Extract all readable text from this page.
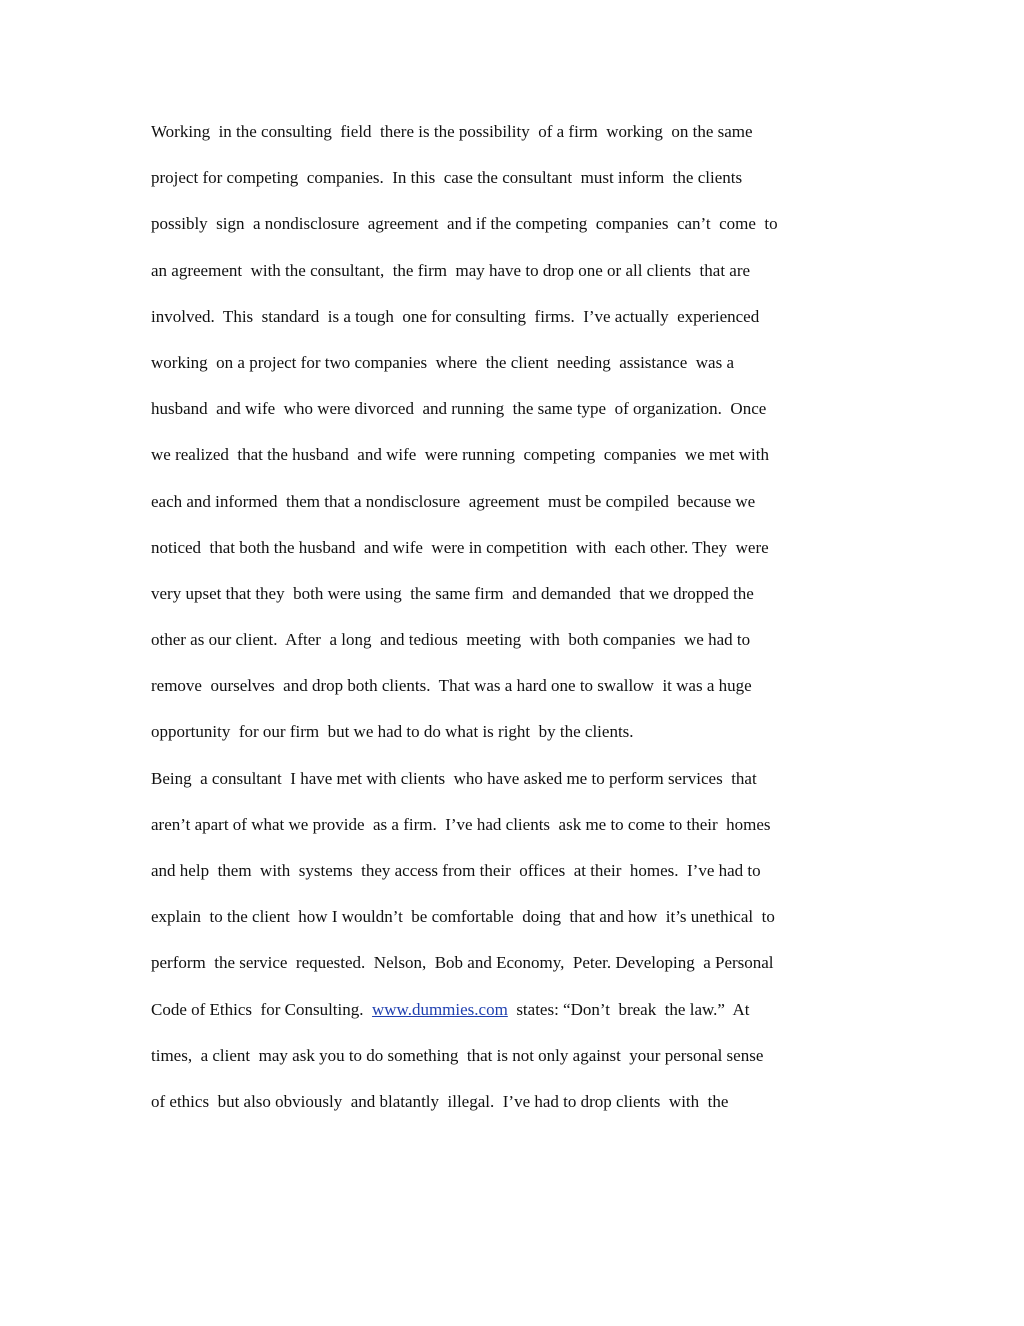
Working  in the consulting  field  there is the possibility  of a firm  working  on the same
project for competing  companies.  In this  case the consultant  must inform  the clients
possibly  sign  a nondisclosure  agreement  and if the competing  companies  can’t  come  to
an agreement  with the consultant,  the firm  may have to drop one or all clients  that are
involved.  This  standard  is a tough  one for consulting  firms.  I’ve actually  experienced
working  on a project for two companies  where  the client  needing  assistance  was a
husband  and wife  who were divorced  and running  the same type  of organization.  Once
we realized  that the husband  and wife  were running  competing  companies  we met with
each and informed  them that a nondisclosure  agreement  must be compiled  because we
noticed  that both the husband  and wife  were in competition  with  each other. They  were
very upset that they  both were using  the same firm  and demanded  that we dropped the
other as our client.  After  a long  and tedious  meeting  with  both companies  we had to
remove  ourselves  and drop both clients.  That was a hard one to swallow  it was a huge
opportunity  for our firm  but we had to do what is right  by the clients.
Being  a consultant  I have met with clients  who have asked me to perform services  that
aren’t apart of what we provide  as a firm.  I’ve had clients  ask me to come to their  homes
and help  them  with  systems  they access from their  offices  at their  homes.  I’ve had to
explain  to the client  how I wouldn’t  be comfortable  doing  that and how  it’s unethical  to
perform  the service  requested.  Nelson,  Bob and Economy,  Peter. Developing  a Personal
Code of Ethics  for Consulting.  www.dummies.com  states: “Don’t  break  the law.”  At
times,  a client  may ask you to do something  that is not only against  your personal sense
of ethics  but also obviously  and blatantly  illegal.  I’ve had to drop clients  with  the
